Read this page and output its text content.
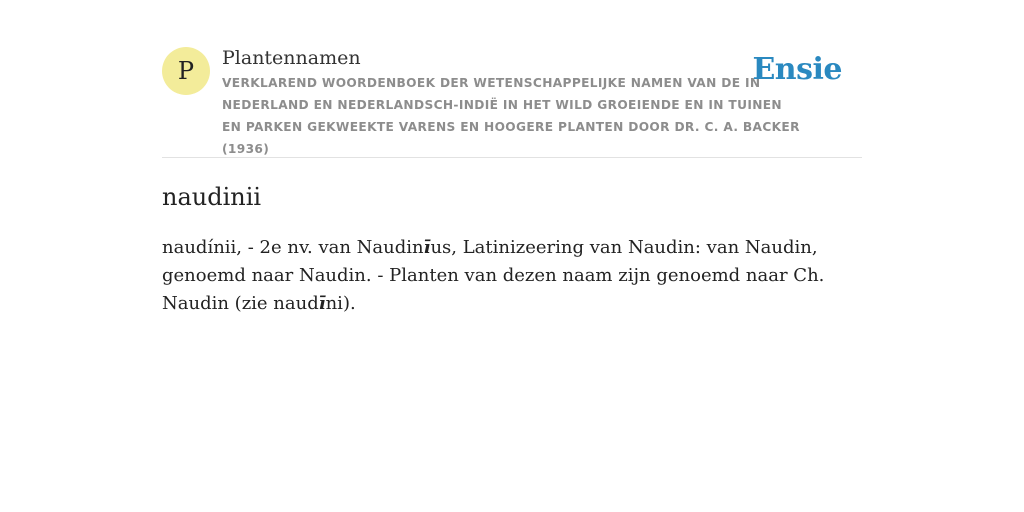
P	Plantennamen
VERKLAREND WOORDENBOEK DER WETENSCHAPPELIJKE NAMEN VAN DE IN NEDERLAND EN NEDERLANDSCH-INDIË IN HET WILD GROEIENDE EN IN TUINEN EN PARKEN GEKWEEKTE VARENS EN HOOGERE PLANTEN DOOR DR. C. A. BACKER (1936)
Ensie
naudinii

naudínii, - 2e nv. van Naudinīus, Latinizeering van Naudin: van Naudin, genoemd naar Naudin. - Planten van dezen naam zijn genoemd naar Ch. Naudin (zie naudīni).
